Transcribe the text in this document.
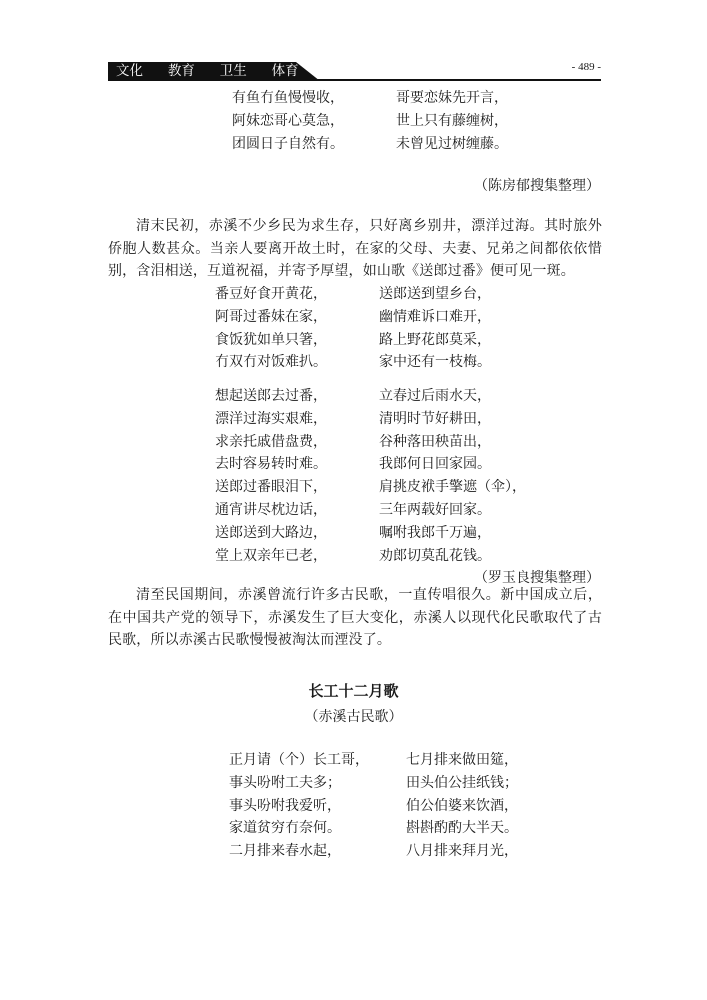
文化   教育   卫生   体育	- 489 -
有鱼冇鱼慢慢收，
阿妹恋哥心莫急，
团圆日子自然有。
哥要恋妹先开言，
世上只有藤缠树，
未曾见过树缠藤。
（陈房郁搜集整理）

清末民初，赤溪不少乡民为求生存，只好离乡别井，漂洋过海。其时旅外侨胞人数甚众。当亲人要离开故土时，在家的父母、夫妻、兄弟之间都依依惜别，含泪相送，互道祝福，并寄予厚望，如山歌《送郎过番》便可见一斑。

番豆好食开黄花，
阿哥过番妹在家，
食饭犹如单只箸，
冇双冇对饭难扒。
送郎送到望乡台，
幽情难诉口难开，
路上野花郎莫采，
家中还有一枝梅。
想起送郎去过番，
漂洋过海实艰难，
求亲托戚借盘费，
去时容易转时难。
送郎过番眼泪下，
通宵讲尽枕边话，
送郎送到大路边，
堂上双亲年已老，
立春过后雨水天，
清明时节好耕田，
谷种落田秧苗出，
我郎何日回家园。
肩挑皮袱手擎遮（伞），
三年两载好回家。
嘱咐我郎千万遍，
劝郎切莫乱花钱。
（罗玉良搜集整理）

清至民国期间，赤溪曾流行许多古民歌，一直传唱很久。新中国成立后，在中国共产党的领导下，赤溪发生了巨大变化，赤溪人以现代化民歌取代了古民歌，所以赤溪古民歌慢慢被淘汰而湮没了。

长工十二月歌
（赤溪古民歌）
正月请（个）长工哥，
事头吩咐工夫多；
事头吩咐我爱听，
家道贫穷冇奈何。
二月排来春水起，
七月排来做田筵，
田头伯公挂纸钱；
伯公伯婆来饮酒，
斟斟酌酌大半天。
八月排来拜月光，
